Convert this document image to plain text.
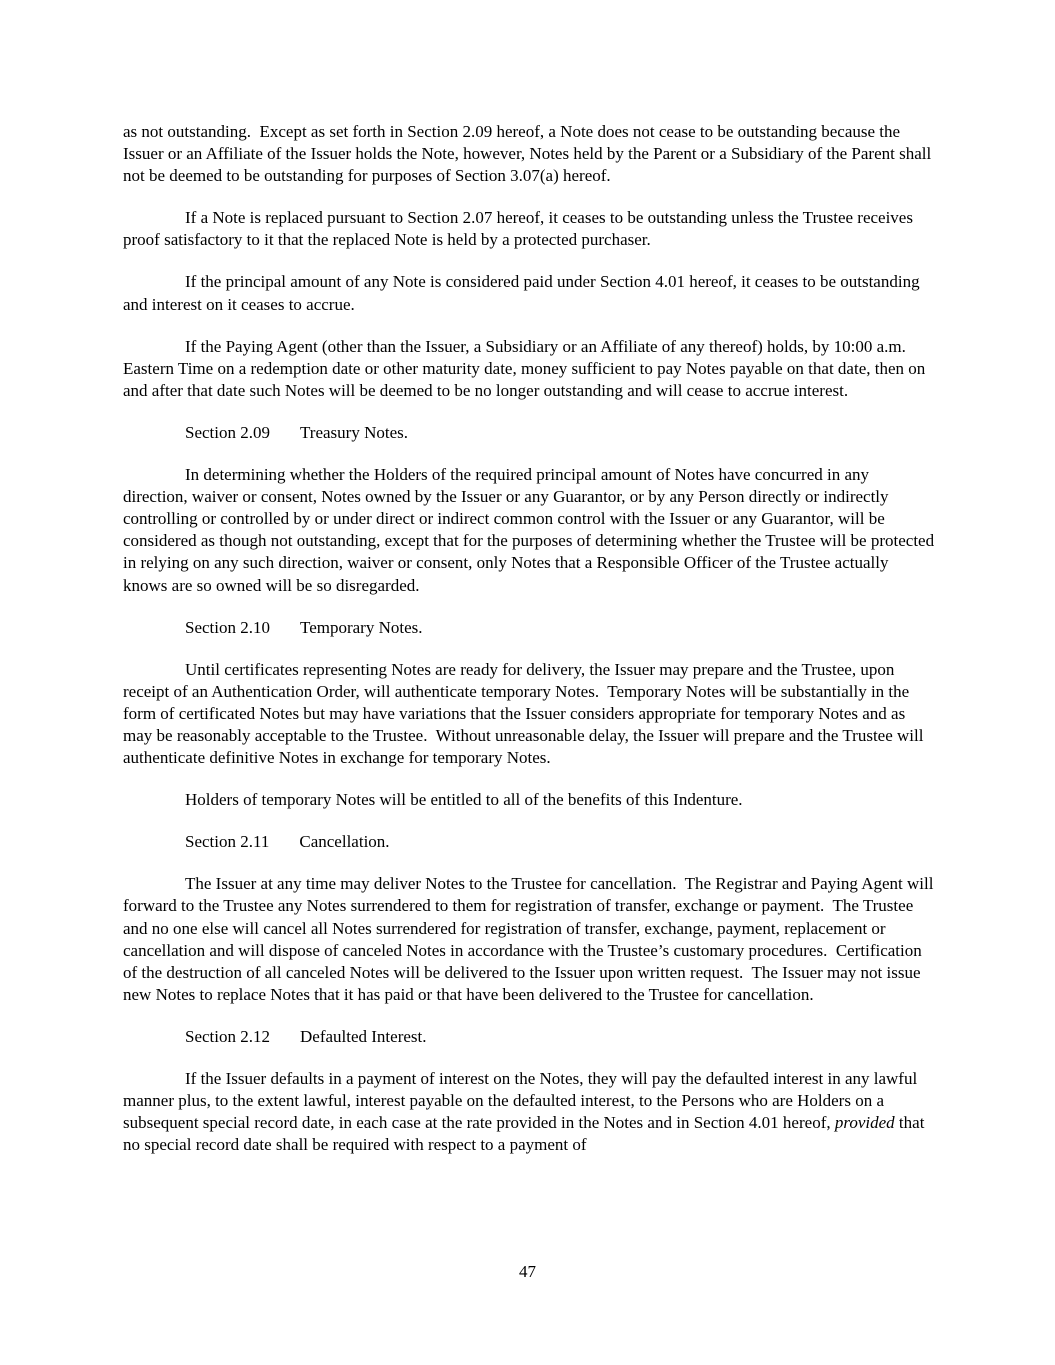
as not outstanding.  Except as set forth in Section 2.09 hereof, a Note does not cease to be outstanding because the Issuer or an Affiliate of the Issuer holds the Note, however, Notes held by the Parent or a Subsidiary of the Parent shall not be deemed to be outstanding for purposes of Section 3.07(a) hereof.

If a Note is replaced pursuant to Section 2.07 hereof, it ceases to be outstanding unless the Trustee receives proof satisfactory to it that the replaced Note is held by a protected purchaser.

If the principal amount of any Note is considered paid under Section 4.01 hereof, it ceases to be outstanding and interest on it ceases to accrue.

If the Paying Agent (other than the Issuer, a Subsidiary or an Affiliate of any thereof) holds, by 10:00 a.m.  Eastern Time on a redemption date or other maturity date, money sufficient to pay Notes payable on that date, then on and after that date such Notes will be deemed to be no longer outstanding and will cease to accrue interest.

Section 2.09 Treasury Notes.

In determining whether the Holders of the required principal amount of Notes have concurred in any direction, waiver or consent, Notes owned by the Issuer or any Guarantor, or by any Person directly or indirectly controlling or controlled by or under direct or indirect common control with the Issuer or any Guarantor, will be considered as though not outstanding, except that for the purposes of determining whether the Trustee will be protected in relying on any such direction, waiver or consent, only Notes that a Responsible Officer of the Trustee actually knows are so owned will be so disregarded.

Section 2.10 Temporary Notes.

Until certificates representing Notes are ready for delivery, the Issuer may prepare and the Trustee, upon receipt of an Authentication Order, will authenticate temporary Notes.  Temporary Notes will be substantially in the form of certificated Notes but may have variations that the Issuer considers appropriate for temporary Notes and as may be reasonably acceptable to the Trustee.  Without unreasonable delay, the Issuer will prepare and the Trustee will authenticate definitive Notes in exchange for temporary Notes.

Holders of temporary Notes will be entitled to all of the benefits of this Indenture.

Section 2.11 Cancellation.

The Issuer at any time may deliver Notes to the Trustee for cancellation.  The Registrar and Paying Agent will forward to the Trustee any Notes surrendered to them for registration of transfer, exchange or payment.  The Trustee and no one else will cancel all Notes surrendered for registration of transfer, exchange, payment, replacement or cancellation and will dispose of canceled Notes in accordance with the Trustee’s customary procedures.  Certification of the destruction of all canceled Notes will be delivered to the Issuer upon written request.  The Issuer may not issue new Notes to replace Notes that it has paid or that have been delivered to the Trustee for cancellation.

Section 2.12 Defaulted Interest.

If the Issuer defaults in a payment of interest on the Notes, they will pay the defaulted interest in any lawful manner plus, to the extent lawful, interest payable on the defaulted interest, to the Persons who are Holders on a subsequent special record date, in each case at the rate provided in the Notes and in Section 4.01 hereof, provided that no special record date shall be required with respect to a payment of

47
